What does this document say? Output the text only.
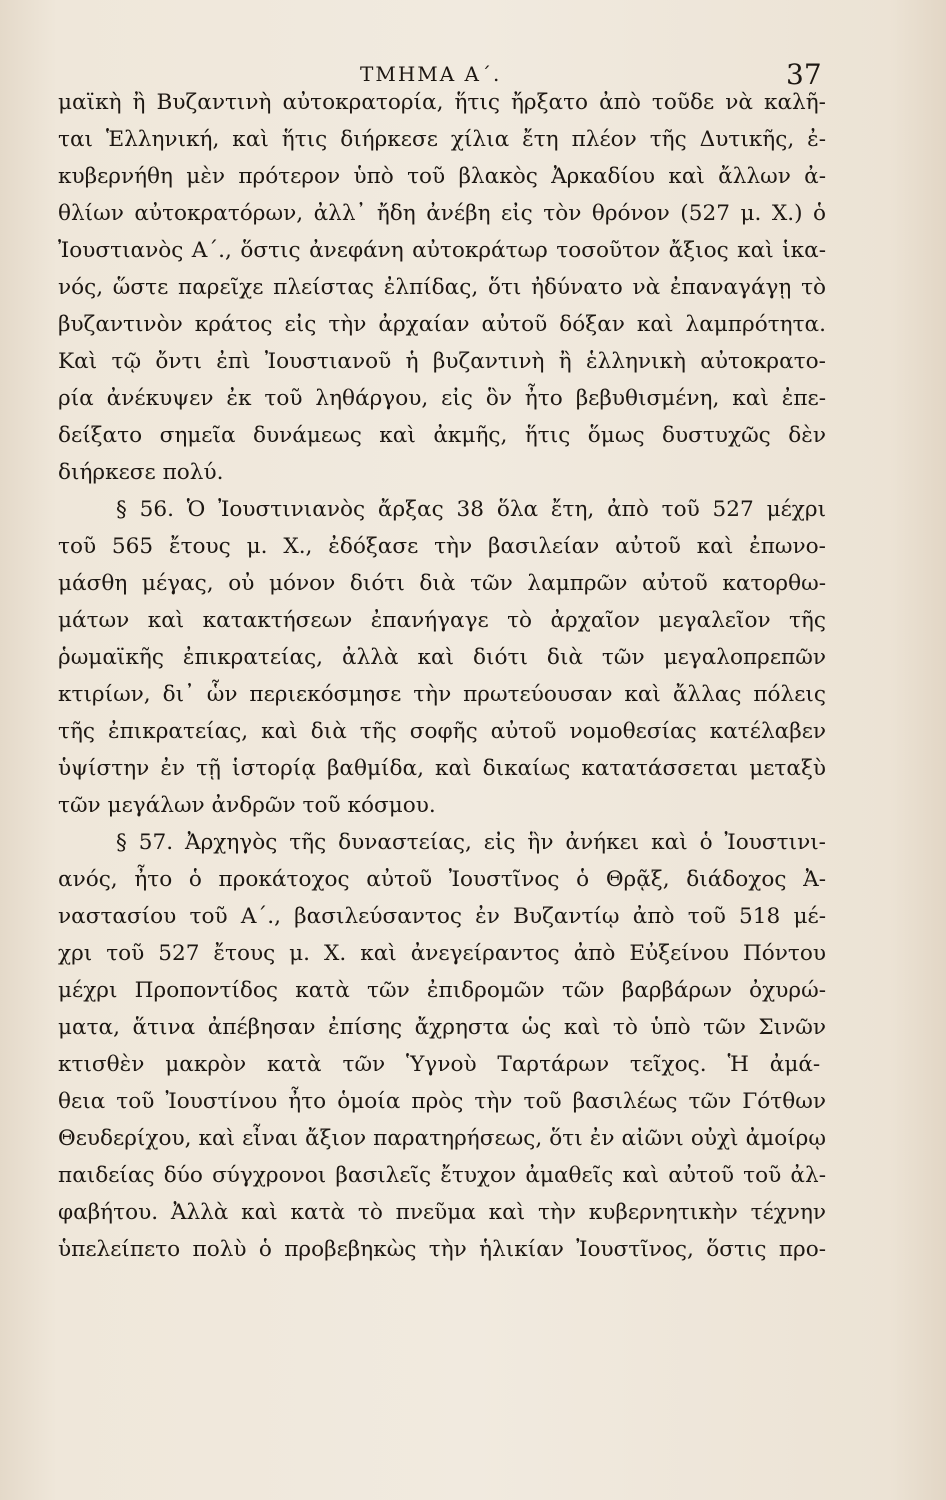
ΤΜΗΜΑ Α΄.	37
μαϊκὴ ἢ Βυζαντινὴ αὐτοκρατορία, ἥτις ἤρξατο ἀπὸ τοῦδε νὰ καλῆ-
ται Ἑλληνική, καὶ ἥτις διήρκεσε χίλια ἔτη πλέον τῆς Δυτικῆς, ἐ-
κυβερνήθη μὲν πρότερον ὑπὸ τοῦ βλακὸς Ἀρκαδίου καὶ ἄλλων ἀ-
θλίων αὐτοκρατόρων, ἀλλ᾽ ἤδη ἀνέβη εἰς τὸν θρόνον (527 μ. Χ.) ὁ
Ἰουστιανὸς Α΄., ὅστις ἀνεφάνη αὐτοκράτωρ τοσοῦτον ἄξιος καὶ ἱκα-
νός, ὥστε παρεῖχε πλείστας ἐλπίδας, ὅτι ἠδύνατο νὰ ἐπαναγάγῃ τὸ
βυζαντινὸν κράτος εἰς τὴν ἀρχαίαν αὐτοῦ δόξαν καὶ λαμπρότητα.
Καὶ τῷ ὄντι ἐπὶ Ἰουστιανοῦ ἡ βυζαντινὴ ἢ ἑλληνικὴ αὐτοκρατο-
ρία ἀνέκυψεν ἐκ τοῦ ληθάργου, εἰς ὃν ἦτο βεβυθισμένη, καὶ ἐπε-
δείξατο σημεῖα δυνάμεως καὶ ἀκμῆς, ἥτις ὅμως δυστυχῶς δὲν
διήρκεσε πολύ.
§ 56. Ὁ Ἰουστινιανὸς ἄρξας 38 ὅλα ἔτη, ἀπὸ τοῦ 527 μέχρι
τοῦ 565 ἔτους μ. Χ., ἐδόξασε τὴν βασιλείαν αὐτοῦ καὶ ἐπωνο-
μάσθη μέγας, οὐ μόνον διότι διὰ τῶν λαμπρῶν αὐτοῦ κατορθω-
μάτων καὶ κατακτήσεων ἐπανήγαγε τὸ ἀρχαῖον μεγαλεῖον τῆς
ῥωμαϊκῆς ἐπικρατείας, ἀλλὰ καὶ διότι διὰ τῶν μεγαλοπρεπῶν
κτιρίων, δι᾽ ὧν περιεκόσμησε τὴν πρωτεύουσαν καὶ ἄλλας πόλεις
τῆς ἐπικρατείας, καὶ διὰ τῆς σοφῆς αὐτοῦ νομοθεσίας κατέλαβεν
ὑψίστην ἐν τῇ ἱστορίᾳ βαθμίδα, καὶ δικαίως κατατάσσεται μεταξὺ
τῶν μεγάλων ἀνδρῶν τοῦ κόσμου.
§ 57. Ἀρχηγὸς τῆς δυναστείας, εἰς ἣν ἀνήκει καὶ ὁ Ἰουστινι-
ανός, ἦτο ὁ προκάτοχος αὐτοῦ Ἰουστῖνος ὁ Θρᾷξ, διάδοχος Ἀ-
ναστασίου τοῦ Α΄., βασιλεύσαντος ἐν Βυζαντίῳ ἀπὸ τοῦ 518 μέ-
χρι τοῦ 527 ἔτους μ. Χ. καὶ ἀνεγείραντος ἀπὸ Εὐξείνου Πόντου
μέχρι Προποντίδος κατὰ τῶν ἐπιδρομῶν τῶν βαρβάρων ὀχυρώ-
ματα, ἅτινα ἀπέβησαν ἐπίσης ἄχρηστα ὡς καὶ τὸ ὑπὸ τῶν Σινῶν
κτισθὲν μακρὸν κατὰ τῶν Ὑγνοὺ Ταρτάρων τεῖχος. Ἡ ἀμά-
θεια τοῦ Ἰουστίνου ἦτο ὁμοία πρὸς τὴν τοῦ βασιλέως τῶν Γότθων
Θευδερίχου, καὶ εἶναι ἄξιον παρατηρήσεως, ὅτι ἐν αἰῶνι οὐχὶ ἀμοίρῳ
παιδείας δύο σύγχρονοι βασιλεῖς ἔτυχον ἀμαθεῖς καὶ αὐτοῦ τοῦ ἀλ-
φαβήτου. Ἀλλὰ καὶ κατὰ τὸ πνεῦμα καὶ τὴν κυβερνητικὴν τέχνην
ὑπελείπετο πολὺ ὁ προβεβηκὼς τὴν ἡλικίαν Ἰουστῖνος, ὅστις προ-
